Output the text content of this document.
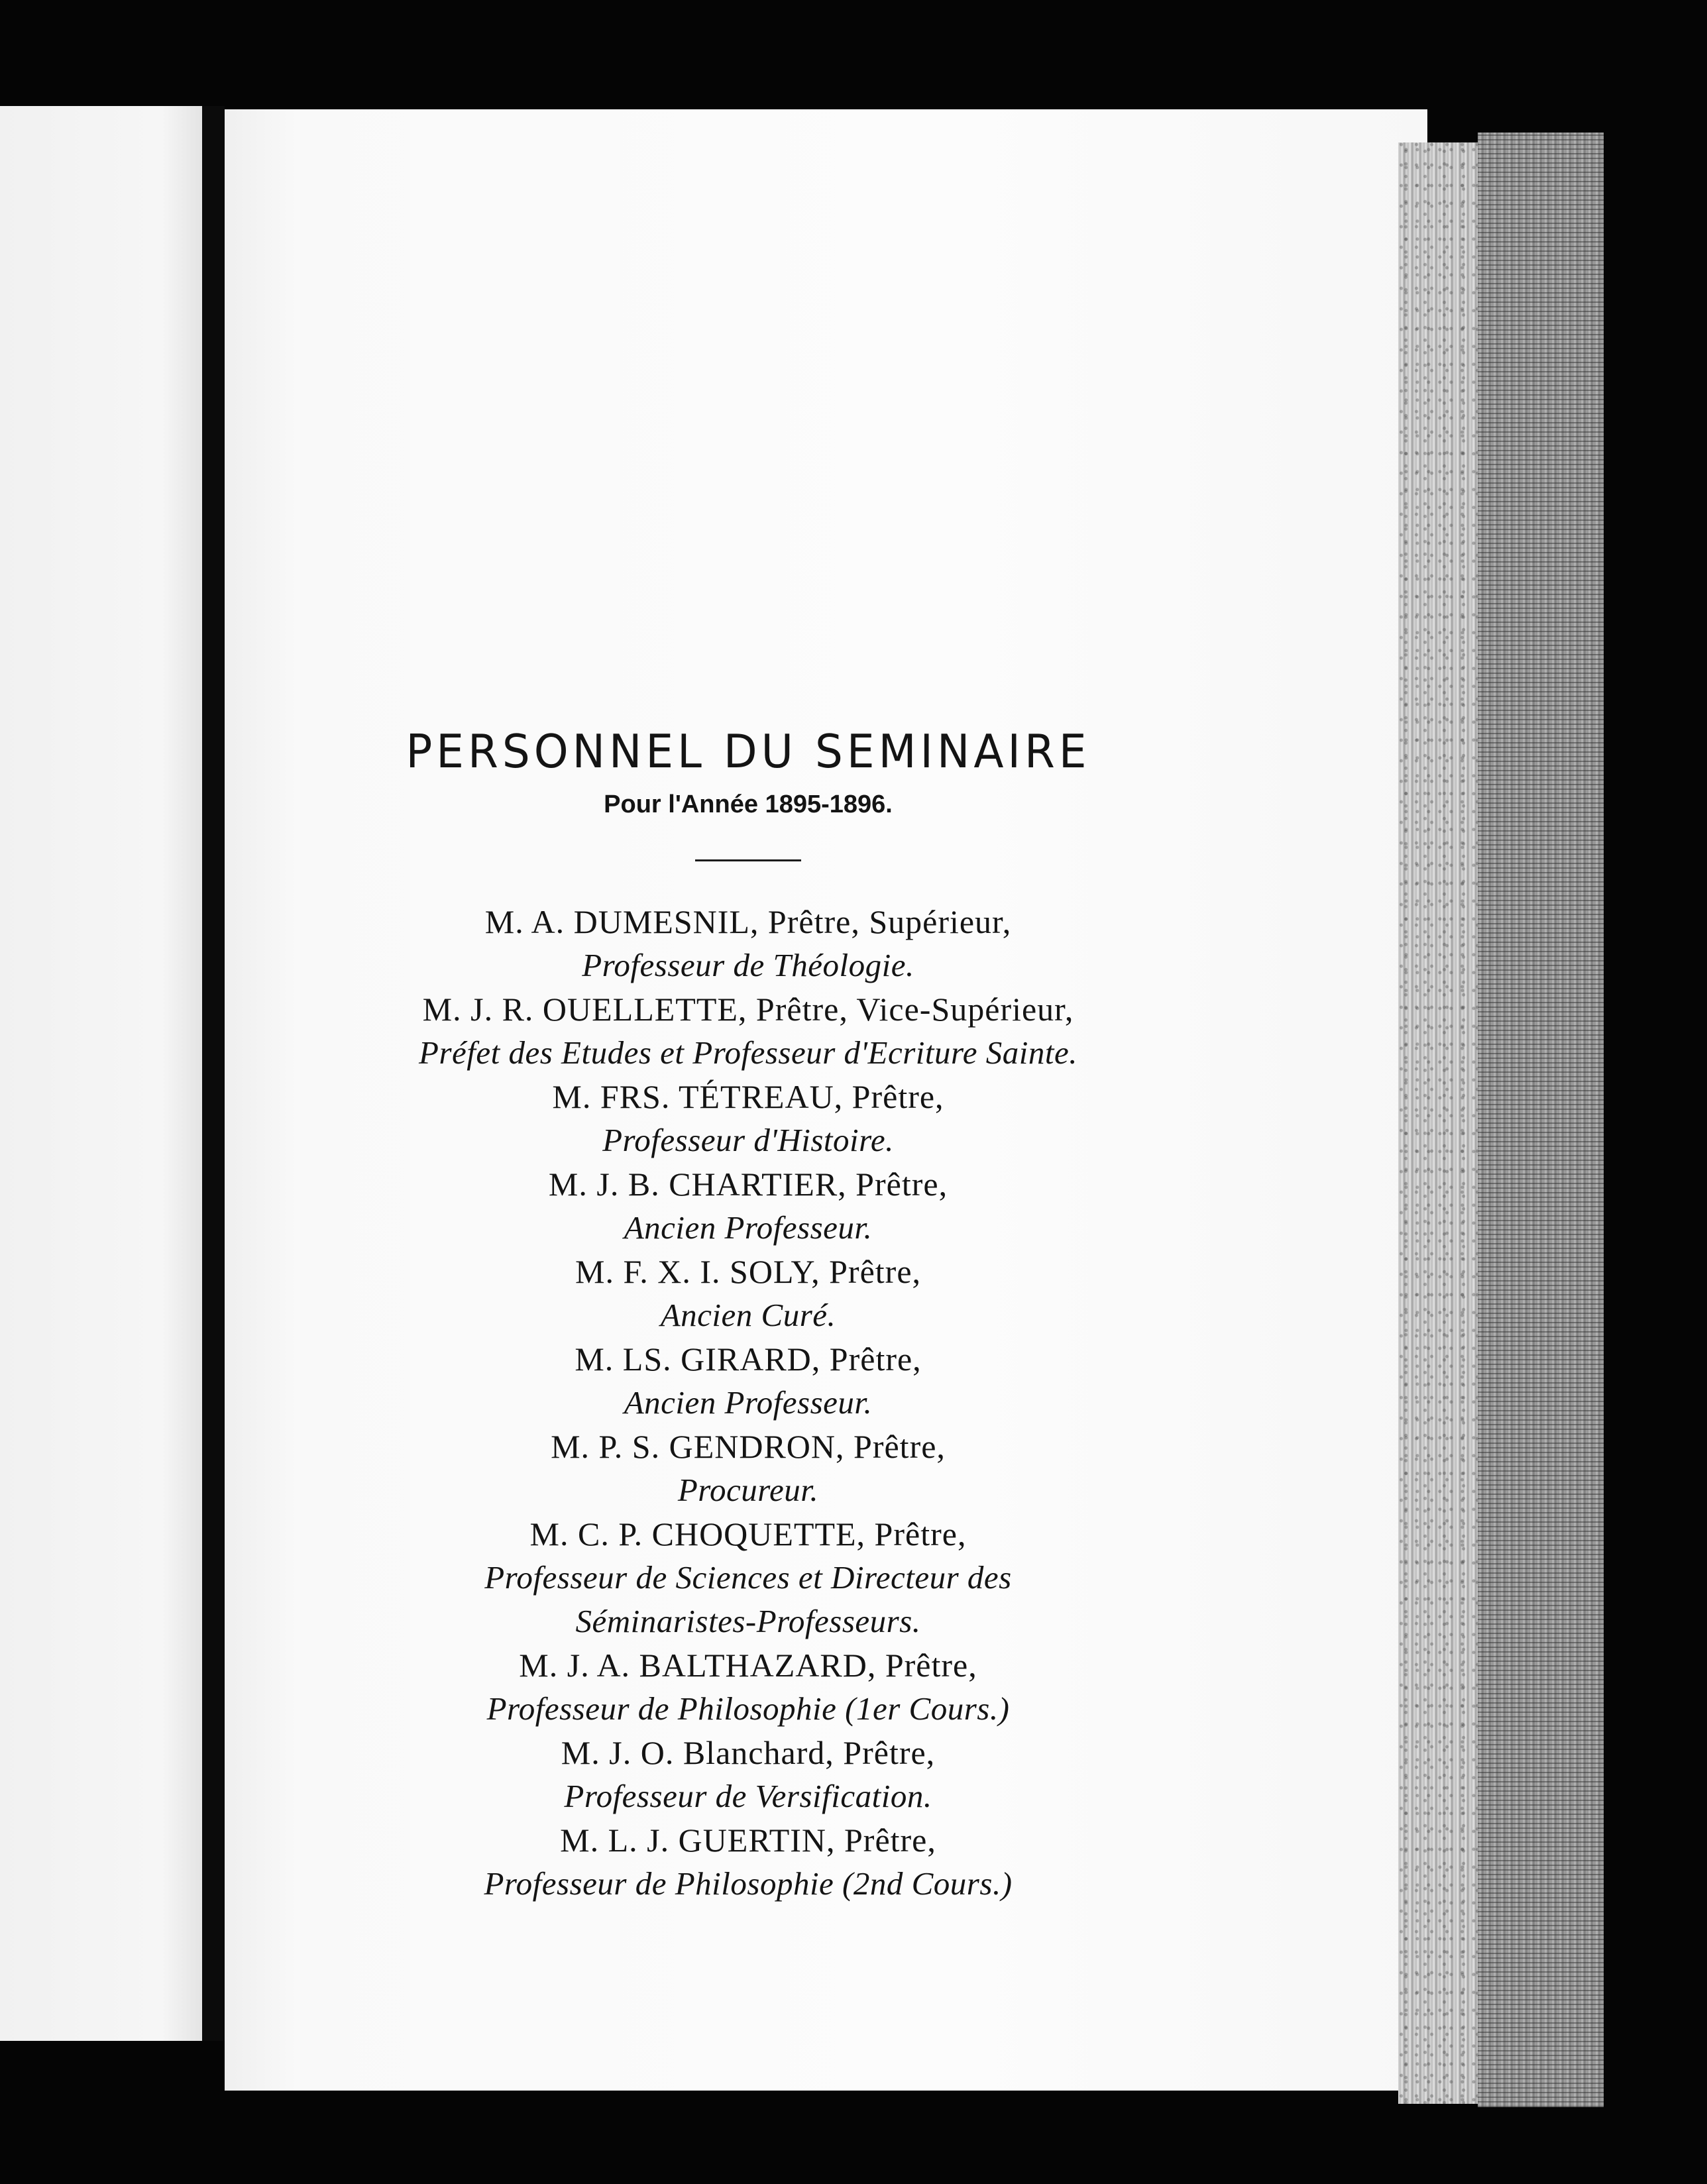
PERSONNEL DU SEMINAIRE
Pour l'Année 1895-1896.
M. A. DUMESNIL, Prêtre, Supérieur,
Professeur de Théologie.
M. J. R. OUELLETTE, Prêtre, Vice-Supérieur,
Préfet des Etudes et Professeur d'Ecriture Sainte.
M. FRS. TÉTREAU, Prêtre,
Professeur d'Histoire.
M. J. B. CHARTIER, Prêtre,
Ancien Professeur.
M. F. X. I. SOLY, Prêtre,
Ancien Curé.
M. LS. GIRARD, Prêtre,
Ancien Professeur.
M. P. S. GENDRON, Prêtre,
Procureur.
M. C. P. CHOQUETTE, Prêtre,
Professeur de Sciences et Directeur des
Séminaristes-Professeurs.
M. J. A. BALTHAZARD, Prêtre,
Professeur de Philosophie (1er Cours.)
M. J. O. Blanchard, Prêtre,
Professeur de Versification.
M. L. J. GUERTIN, Prêtre,
Professeur de Philosophie (2nd Cours.)
